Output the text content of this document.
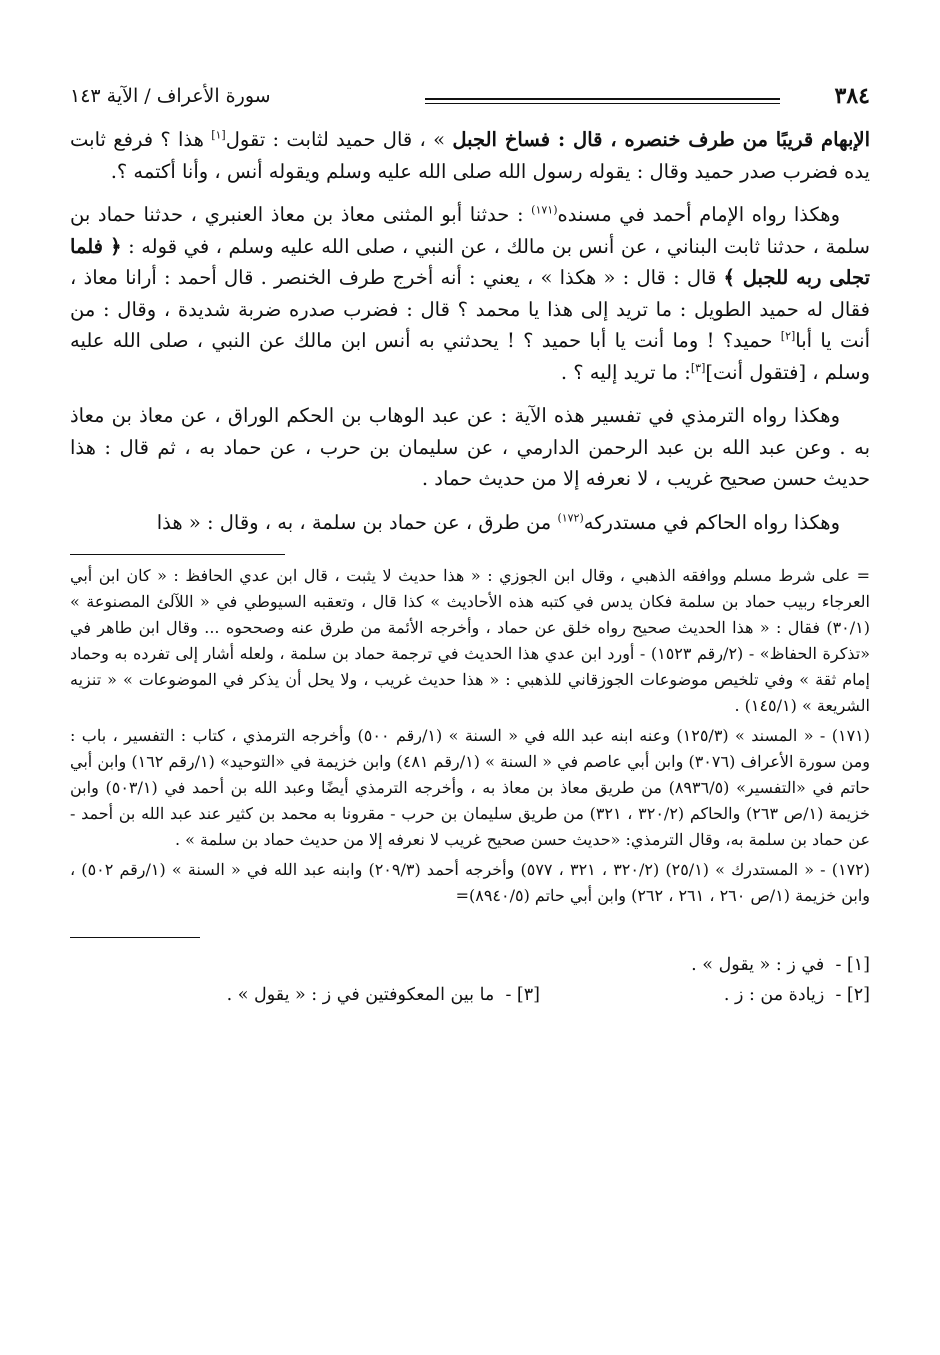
٣٨٤
سورة الأعراف / الآية ١٤٣

الإبهام قريبًا من طرف خنصره ، قال : فساخ الجبل » ، قال حميد لثابت : تقول[١] هذا ؟ فرفع ثابت يده فضرب صدر حميد وقال : يقوله رسول الله صلى الله عليه وسلم ويقوله أنس ، وأنا أكتمه ؟.

وهكذا رواه الإمام أحمد في مسنده$^{(١٧١)}$ : حدثنا أبو المثنى معاذ بن معاذ العنبري ، حدثنا حماد بن سلمة ، حدثنا ثابت البناني ، عن أنس بن مالك ، عن النبي ، صلى الله عليه وسلم ، في قوله : ﴿ فلما تجلى ربه للجبل ﴾ قال : قال : « هكذا » ، يعني : أنه أخرج طرف الخنصر . قال أحمد : أرانا معاذ ، فقال له حميد الطويل : ما تريد إلى هذا يا محمد ؟ قال : فضرب صدره ضربة شديدة ، وقال : من أنت يا أبا[٢] حميد؟ ! وما أنت يا أبا حميد ؟ ! يحدثني به أنس ابن مالك عن النبي ، صلى الله عليه وسلم ، [فتقول أنت][٣]: ما تريد إليه ؟ .

وهكذا رواه الترمذي في تفسير هذه الآية : عن عبد الوهاب بن الحكم الوراق ، عن معاذ بن معاذ به . وعن عبد الله بن عبد الرحمن الدارمي ، عن سليمان بن حرب ، عن حماد به ، ثم قال : هذا حديث حسن صحيح غريب ، لا نعرفه إلا من حديث حماد .

وهكذا رواه الحاكم في مستدركه$^{(١٧٢)}$ من طرق ، عن حماد بن سلمة ، به ، وقال : « هذا

= على شرط مسلم ووافقه الذهبي ، وقال ابن الجوزي : « هذا حديث لا يثبت ، قال ابن عدي الحافظ : « كان ابن أبي العرجاء ربيب حماد بن سلمة فكان يدس في كتبه هذه الأحاديث » كذا قال ، وتعقبه السيوطي في « اللآلئ المصنوعة » (٣٠/١) فقال : « هذا الحديث صحيح رواه خلق عن حماد ، وأخرجه الأئمة من طرق عنه وصححوه ... وقال ابن طاهر في «تذكرة الحفاظ» - (٢/رقم ١٥٢٣) - أورد ابن عدي هذا الحديث في ترجمة حماد بن سلمة ، ولعله أشار إلى تفرده به وحماد إمام ثقة » وفي تلخيص موضوعات الجوزقاني للذهبي : « هذا حديث غريب ، ولا يحل أن يذكر في الموضوعات » « تنزيه الشريعة » (١٤٥/١) .

(١٧١) - « المسند » (١٢٥/٣) وعنه ابنه عبد الله في « السنة » (١/رقم ٥٠٠) وأخرجه الترمذي ، كتاب : التفسير ، باب : ومن سورة الأعراف (٣٠٧٦) وابن أبي عاصم في « السنة » (١/رقم ٤٨١) وابن خزيمة في «التوحيد» (١/رقم ١٦٢) وابن أبي حاتم في «التفسير» (٨٩٣٦/٥) من طريق معاذ بن معاذ به ، وأخرجه الترمذي أيضًا وعبد الله بن أحمد في (٥٠٣/١) وابن خزيمة (١/ص ٢٦٣) والحاكم (٣٢٠/٢ ، ٣٢١) من طريق سليمان بن حرب - مقرونا به محمد بن كثير عند عبد الله بن أحمد - عن حماد بن سلمة به، وقال الترمذي: «حديث حسن صحيح غريب لا نعرفه إلا من حديث حماد بن سلمة » .

(١٧٢) - « المستدرك » (٢٥/١) (٣٢٠/٢ ، ٣٢١ ، ٥٧٧) وأخرجه أحمد (٢٠٩/٣) وابنه عبد الله في « السنة » (١/رقم ٥٠٢) ، وابن خزيمة (١/ص ٢٦٠ ، ٢٦١ ، ٢٦٢) وابن أبي حاتم (٨٩٤٠/٥)=

[١] -  في ز : « يقول » .
[٢] -  زيادة من : ز .
[٣] -  ما بين المعكوفتين في ز : « يقول » .
